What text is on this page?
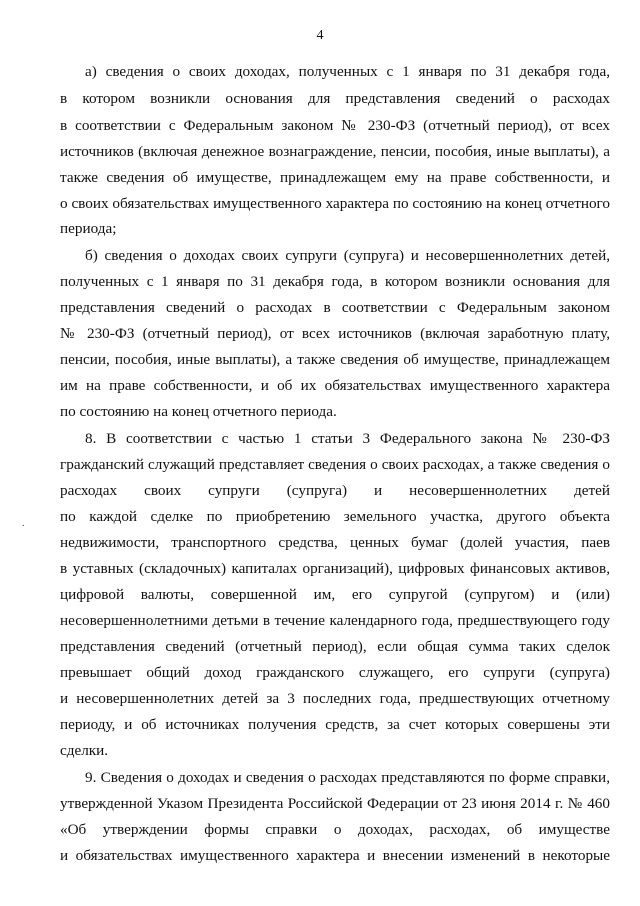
4
а) сведения о своих доходах, полученных с 1 января по 31 декабря года,
в котором возникли основания для представления сведений о расходах
в соответствии с Федеральным законом № 230-ФЗ (отчетный период), от всех
источников (включая денежное вознаграждение, пенсии, пособия, иные выплаты), а
также сведения об имуществе, принадлежащем ему на праве собственности, и
о своих обязательствах имущественного характера по состоянию на конец отчетного
периода;
б) сведения о доходах своих супруги (супруга) и несовершеннолетних детей,
полученных с 1 января по 31 декабря года, в котором возникли основания для
представления сведений о расходах в соответствии с Федеральным законом
№ 230-ФЗ (отчетный период), от всех источников (включая заработную плату,
пенсии, пособия, иные выплаты), а также сведения об имуществе, принадлежащем
им на праве собственности, и об их обязательствах имущественного характера
по состоянию на конец отчетного периода.
8. В соответствии с частью 1 статьи 3 Федерального закона № 230-ФЗ
гражданский служащий представляет сведения о своих расходах, а также сведения о
расходах своих супруги (супруга) и несовершеннолетних детей
по каждой сделке по приобретению земельного участка, другого объекта
недвижимости, транспортного средства, ценных бумаг (долей участия, паев
в уставных (складочных) капиталах организаций), цифровых финансовых активов,
цифровой валюты, совершенной им, его супругой (супругом) и (или)
несовершеннолетними детьми в течение календарного года, предшествующего году
представления сведений (отчетный период), если общая сумма таких сделок
превышает общий доход гражданского служащего, его супруги (супруга)
и несовершеннолетних детей за 3 последних года, предшествующих отчетному
периоду, и об источниках получения средств, за счет которых совершены эти
сделки.
9. Сведения о доходах и сведения о расходах представляются по форме справки,
утвержденной Указом Президента Российской Федерации от 23 июня 2014 г. № 460
«Об утверждении формы справки о доходах, расходах, об имуществе
и обязательствах имущественного характера и внесении изменений в некоторые
.
